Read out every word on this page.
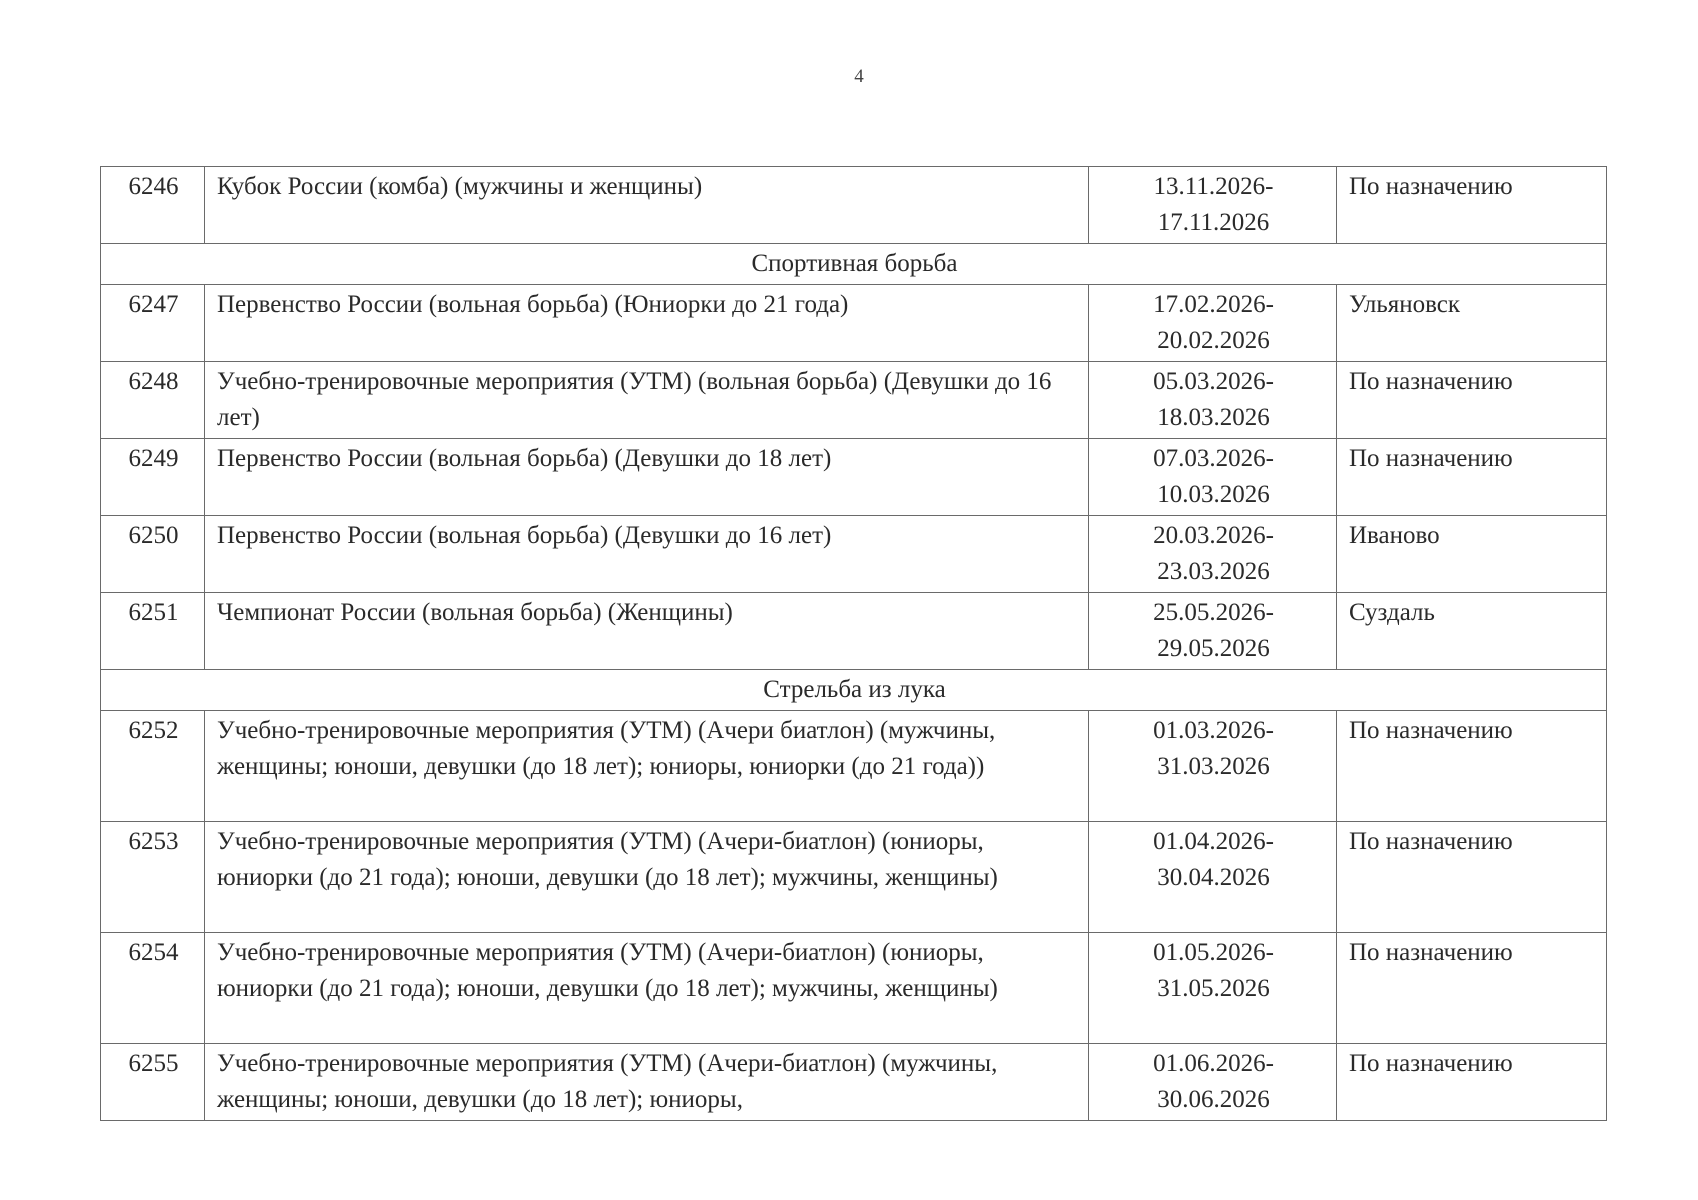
4
6246	Кубок России (комба) (мужчины и женщины)	13.11.2026-17.11.2026	По назначению
Спортивная борьба			
6247	Первенство России (вольная борьба) (Юниорки до 21 года)	17.02.2026-20.02.2026	Ульяновск
6248	Учебно-тренировочные мероприятия (УТМ) (вольная борьба) (Девушки до 16 лет)	05.03.2026-18.03.2026	По назначению
6249	Первенство России (вольная борьба) (Девушки до 18 лет)	07.03.2026-10.03.2026	По назначению
6250	Первенство России (вольная борьба) (Девушки до 16 лет)	20.03.2026-23.03.2026	Иваново
6251	Чемпионат России (вольная борьба) (Женщины)	25.05.2026-29.05.2026	Суздаль
Стрельба из лука			
6252	Учебно-тренировочные мероприятия (УТМ) (Ачери биатлон) (мужчины, женщины; юноши, девушки (до 18 лет); юниоры, юниорки (до 21 года))	01.03.2026-31.03.2026	По назначению
6253	Учебно-тренировочные мероприятия (УТМ) (Ачери-биатлон) (юниоры, юниорки (до 21 года); юноши, девушки (до 18 лет); мужчины, женщины)	01.04.2026-30.04.2026	По назначению
6254	Учебно-тренировочные мероприятия (УТМ) (Ачери-биатлон) (юниоры, юниорки (до 21 года); юноши, девушки (до 18 лет); мужчины, женщины)	01.05.2026-31.05.2026	По назначению
6255	Учебно-тренировочные мероприятия (УТМ) (Ачери-биатлон) (мужчины, женщины; юноши, девушки (до 18 лет); юниоры,	01.06.2026-30.06.2026	По назначению
